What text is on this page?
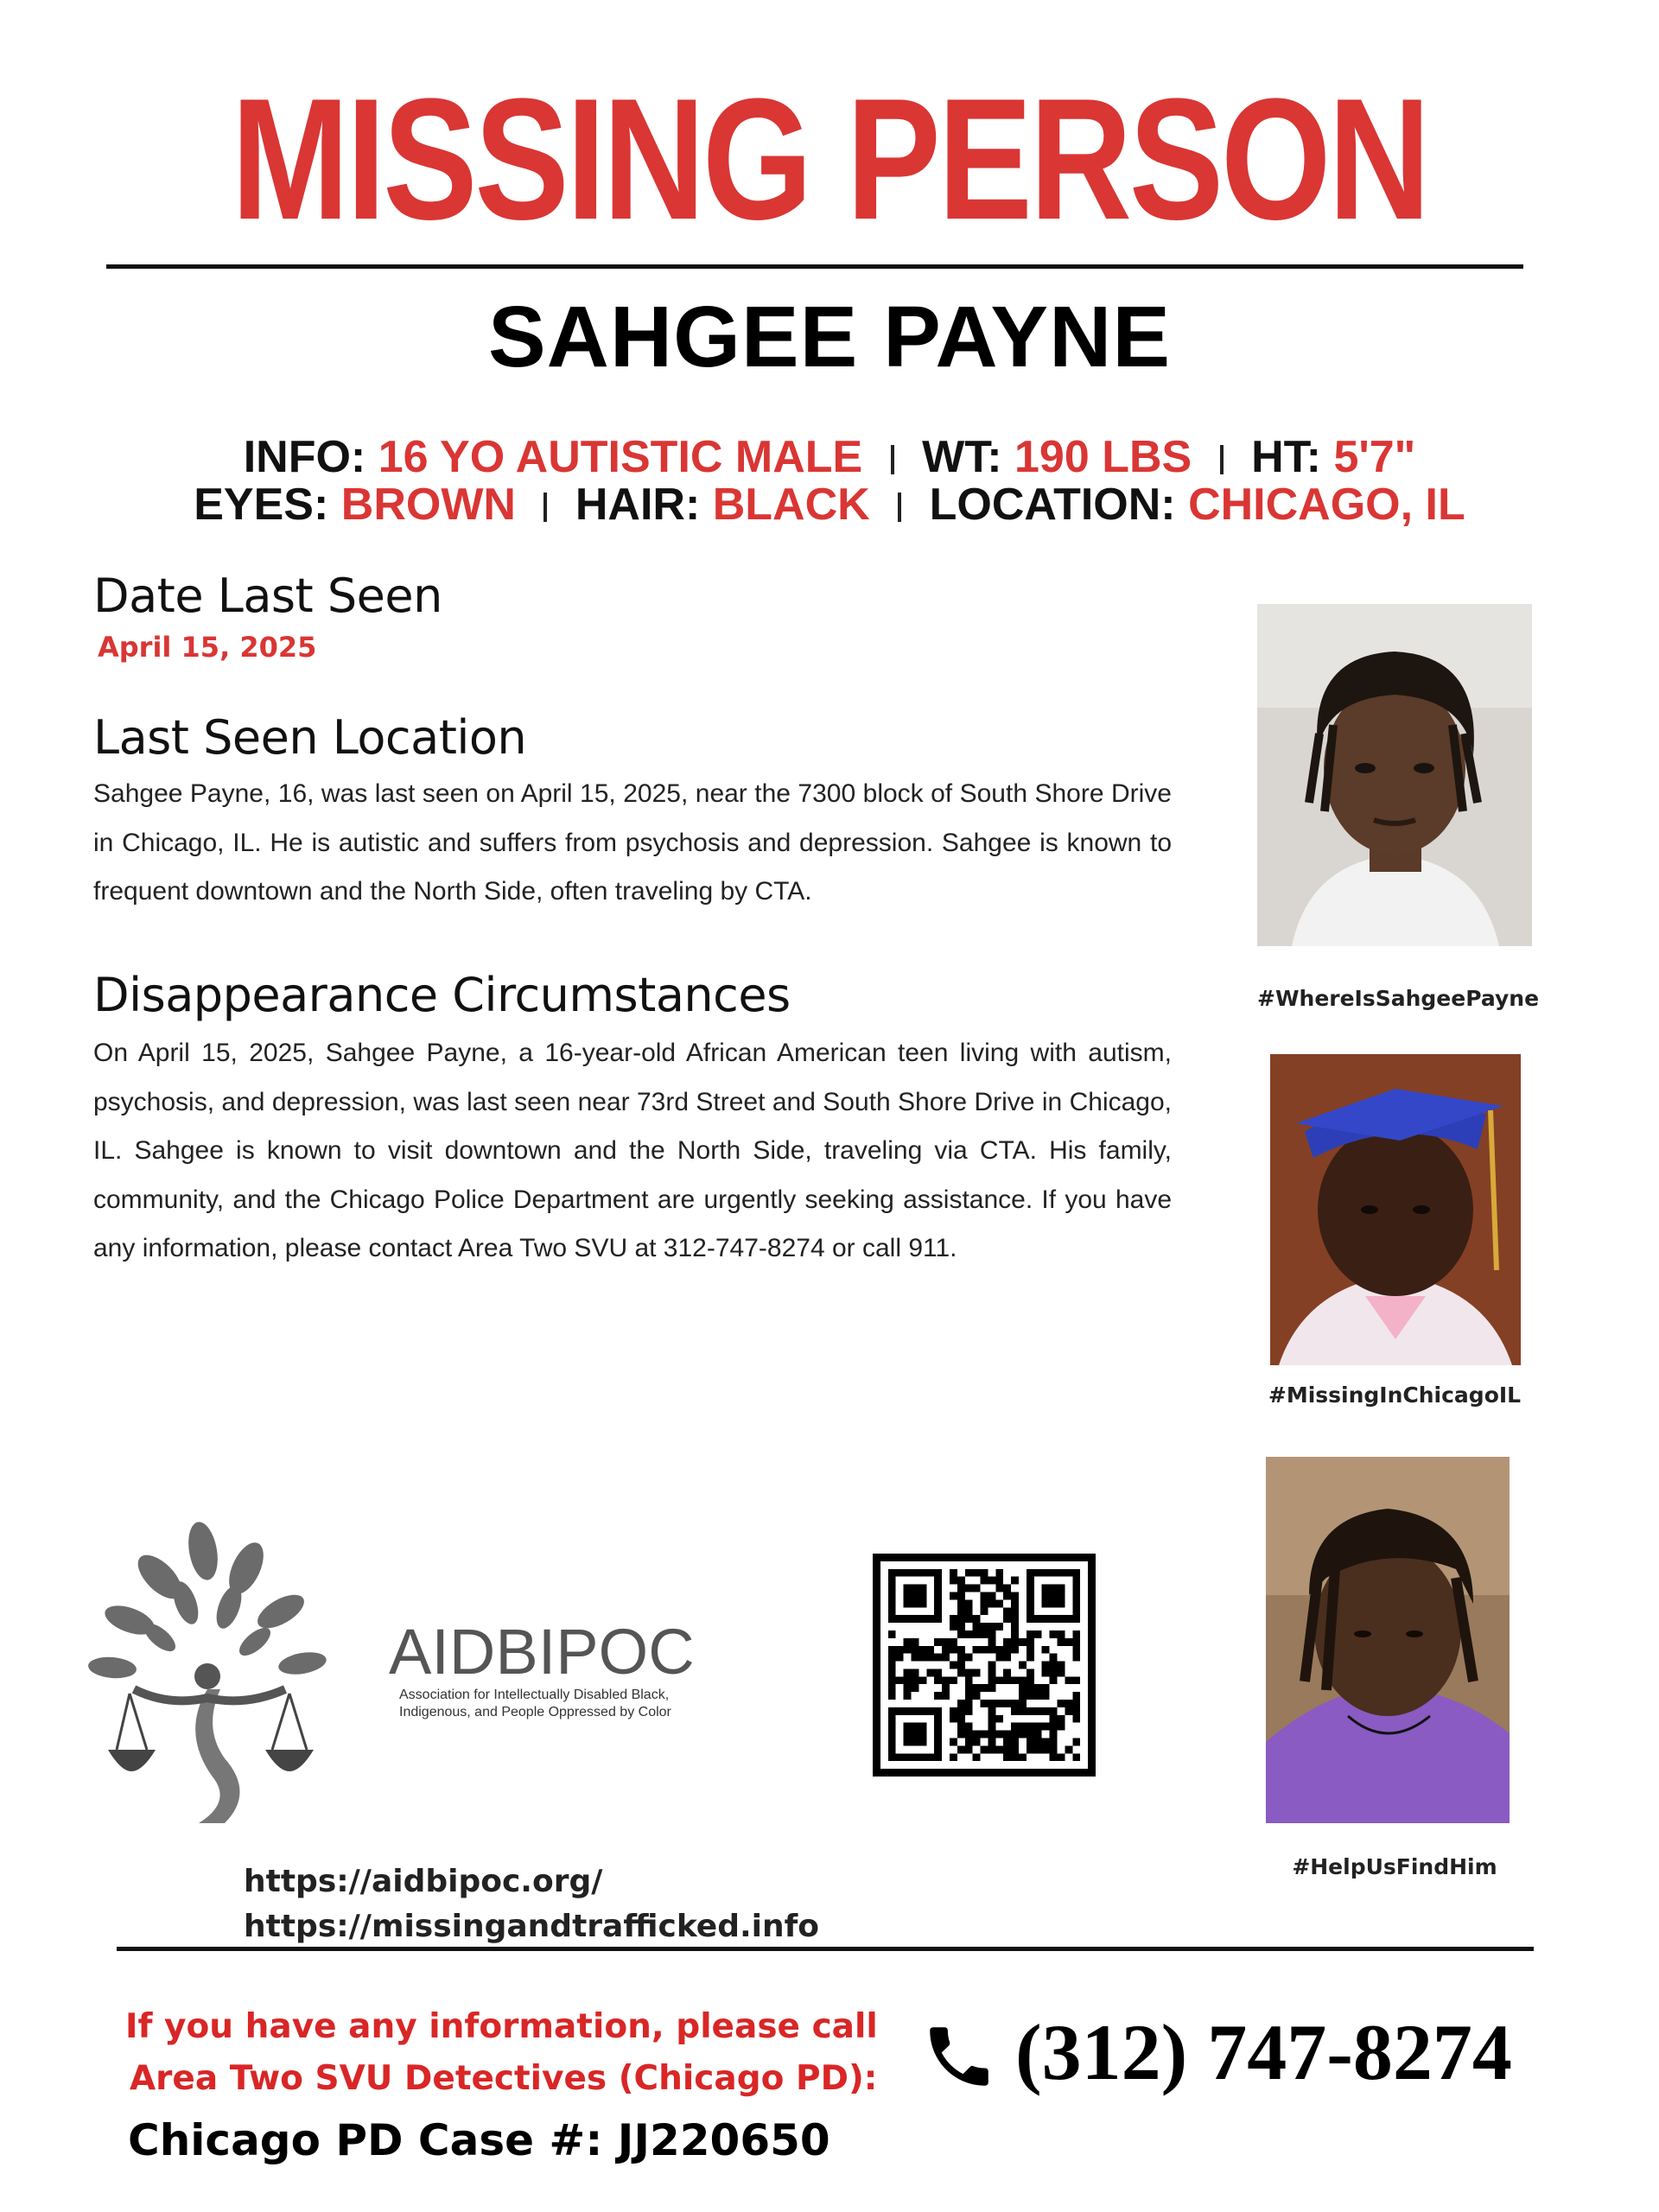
MISSING PERSON
SAHGEE PAYNE
INFO: 16 YO AUTISTIC MALE WT: 190 LBS HT: 5'7"
EYES: BROWN HAIR: BLACK LOCATION: CHICAGO, IL
Date Last Seen
April 15, 2025
Last Seen Location
Sahgee Payne, 16, was last seen on April 15, 2025, near the 7300 block of South Shore Drive in Chicago, IL. He is autistic and suffers from psychosis and depression. Sahgee is known to frequent downtown and the North Side, often traveling by CTA.
Disappearance Circumstances
On April 15, 2025, Sahgee Payne, a 16-year-old African American teen living with autism, psychosis, and depression, was last seen near 73rd Street and South Shore Drive in Chicago, IL. Sahgee is known to visit downtown and the North Side, traveling via CTA. His family, community, and the Chicago Police Department are urgently seeking assistance. If you have any information, please contact Area Two SVU at 312-747-8274 or call 911.
#WhereIsSahgeePayne
#MissingInChicagoIL
#HelpUsFindHim
AIDBIPOC
Association for Intellectually Disabled Black,
Indigenous, and People Oppressed by Color
https://aidbipoc.org/
https://missingandtrafficked.info
If you have any information, please call
Area Two SVU Detectives (Chicago PD):
Chicago PD Case #: JJ220650
(312) 747-8274
